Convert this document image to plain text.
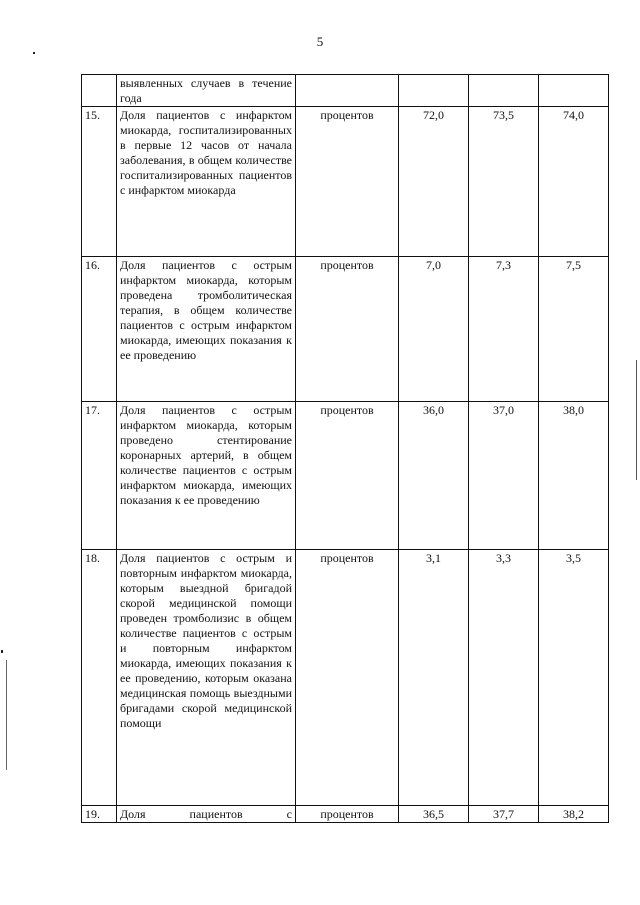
5

	выявленных случаев в течение года				

15.	Доля пациентов с инфарктом миокарда, госпитализированных в первые 12 часов от начала заболевания, в общем количестве госпитализированных пациентов с инфарктом миокарда	процентов	72,0	73,5	74,0
16.	Доля пациентов с острым инфарктом миокарда, которым проведена тромболитическая терапия, в общем количестве пациентов с острым инфарктом миокарда, имеющих показания к ее проведению	процентов	7,0	7,3	7,5
17.	Доля пациентов с острым инфарктом миокарда, которым проведено стентирование коронарных артерий, в общем количестве пациентов с острым инфарктом миокарда, имеющих показания к ее проведению	процентов	36,0	37,0	38,0
18.	Доля пациентов с острым и повторным инфарктом миокарда, которым выездной бригадой скорой медицинской помощи проведен тромболизис в общем количестве пациентов с острым и повторным инфарктом миокарда, имеющих показания к ее проведению, которым оказана медицинская помощь выездными бригадами скорой медицинской помощи	процентов	3,1	3,3	3,5
19.	Доля пациентов с	процентов	36,5	37,7	38,2
